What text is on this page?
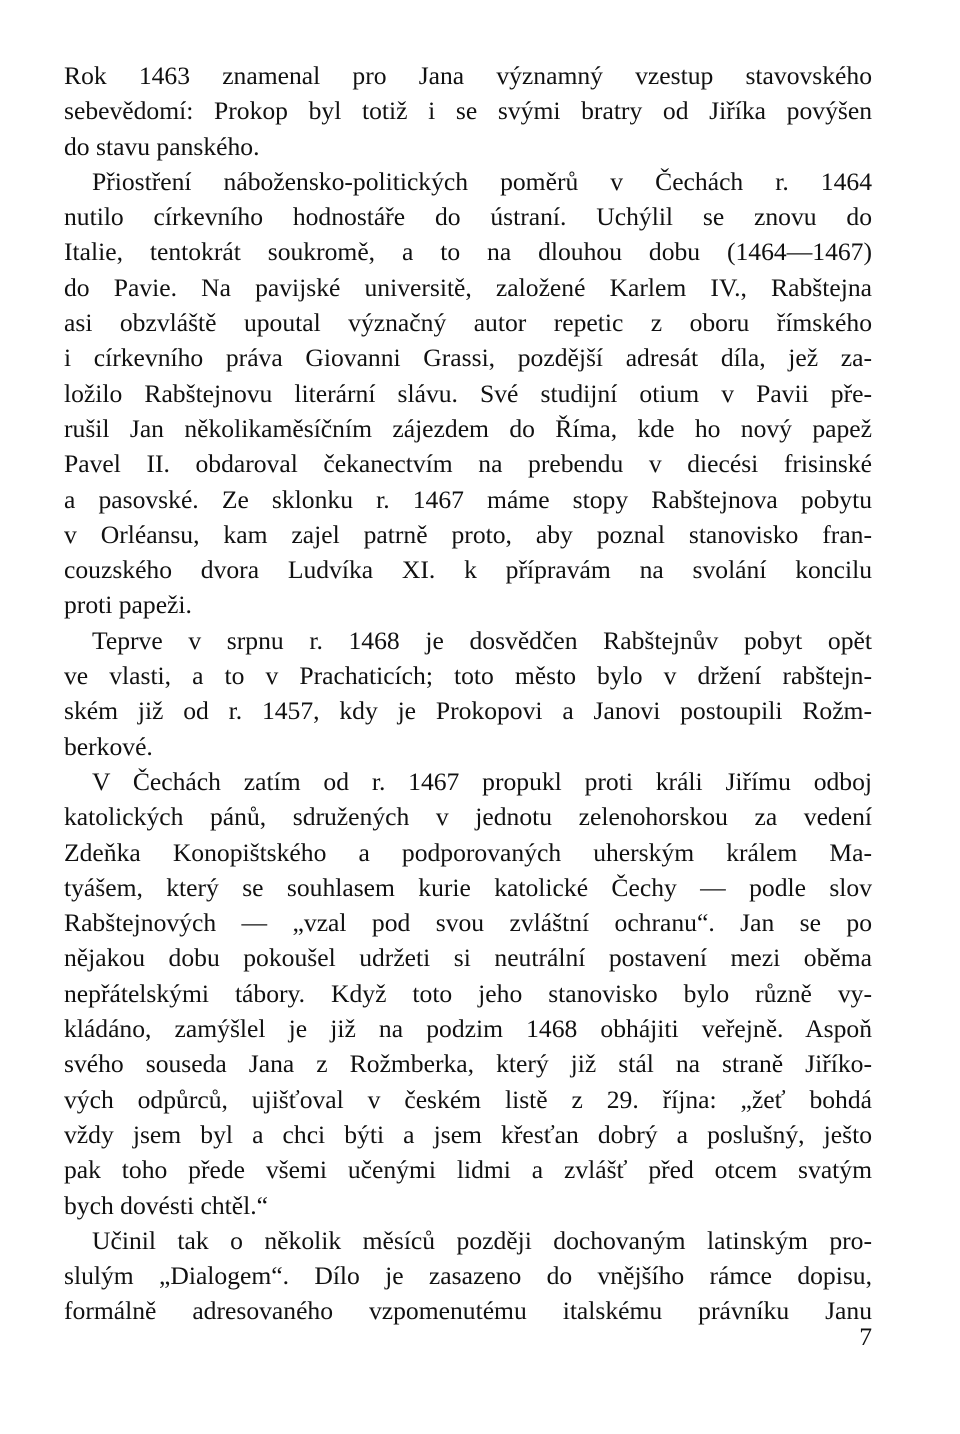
Rok 1463 znamenal pro Jana významný vzestup stavovského
sebevědomí: Prokop byl totiž i se svými bratry od Jiříka povýšen
do stavu panského.
Přiostření nábožensko-politických poměrů v Čechách r. 1464
nutilo církevního hodnostáře do ústraní. Uchýlil se znovu do
Italie, tentokrát soukromě, a to na dlouhou dobu (1464—1467)
do Pavie. Na pavijské universitě, založené Karlem IV., Rabštejna
asi obzvláště upoutal význačný autor repetic z oboru římského
i církevního práva Giovanni Grassi, pozdější adresát díla, jež za-
ložilo Rabštejnovu literární slávu. Své studijní otium v Pavii pře-
rušil Jan několikaměsíčním zájezdem do Říma, kde ho nový papež
Pavel II. obdaroval čekanectvím na prebendu v diecési frisinské
a pasovské. Ze sklonku r. 1467 máme stopy Rabštejnova pobytu
v Orléansu, kam zajel patrně proto, aby poznal stanovisko fran-
couzského dvora Ludvíka XI. k přípravám na svolání koncilu
proti papeži.
Teprve v srpnu r. 1468 je dosvědčen Rabštejnův pobyt opět
ve vlasti, a to v Prachaticích; toto město bylo v držení rabštejn-
ském již od r. 1457, kdy je Prokopovi a Janovi postoupili Rožm-
berkové.
V Čechách zatím od r. 1467 propukl proti králi Jiřímu odboj
katolických pánů, sdružených v jednotu zelenohorskou za vedení
Zdeňka Konopištského a podporovaných uherským králem Ma-
tyášem, který se souhlasem kurie katolické Čechy — podle slov
Rabštejnových — „vzal pod svou zvláštní ochranu“. Jan se po
nějakou dobu pokoušel udržeti si neutrální postavení mezi oběma
nepřátelskými tábory. Když toto jeho stanovisko bylo různě vy-
kládáno, zamýšlel je již na podzim 1468 obhájiti veřejně. Aspoň
svého souseda Jana z Rožmberka, který již stál na straně Jiříko-
vých odpůrců, ujišťoval v českém listě z 29. října: „žeť bohdá
vždy jsem byl a chci býti a jsem křesťan dobrý a poslušný, ješto
pak toho přede všemi učenými lidmi a zvlášť před otcem svatým
bych dovésti chtěl.“
Učinil tak o několik měsíců později dochovaným latinským pro-
slulým „Dialogem“. Dílo je zasazeno do vnějšího rámce dopisu,
formálně adresovaného vzpomenutému italskému právníku Janu
7
